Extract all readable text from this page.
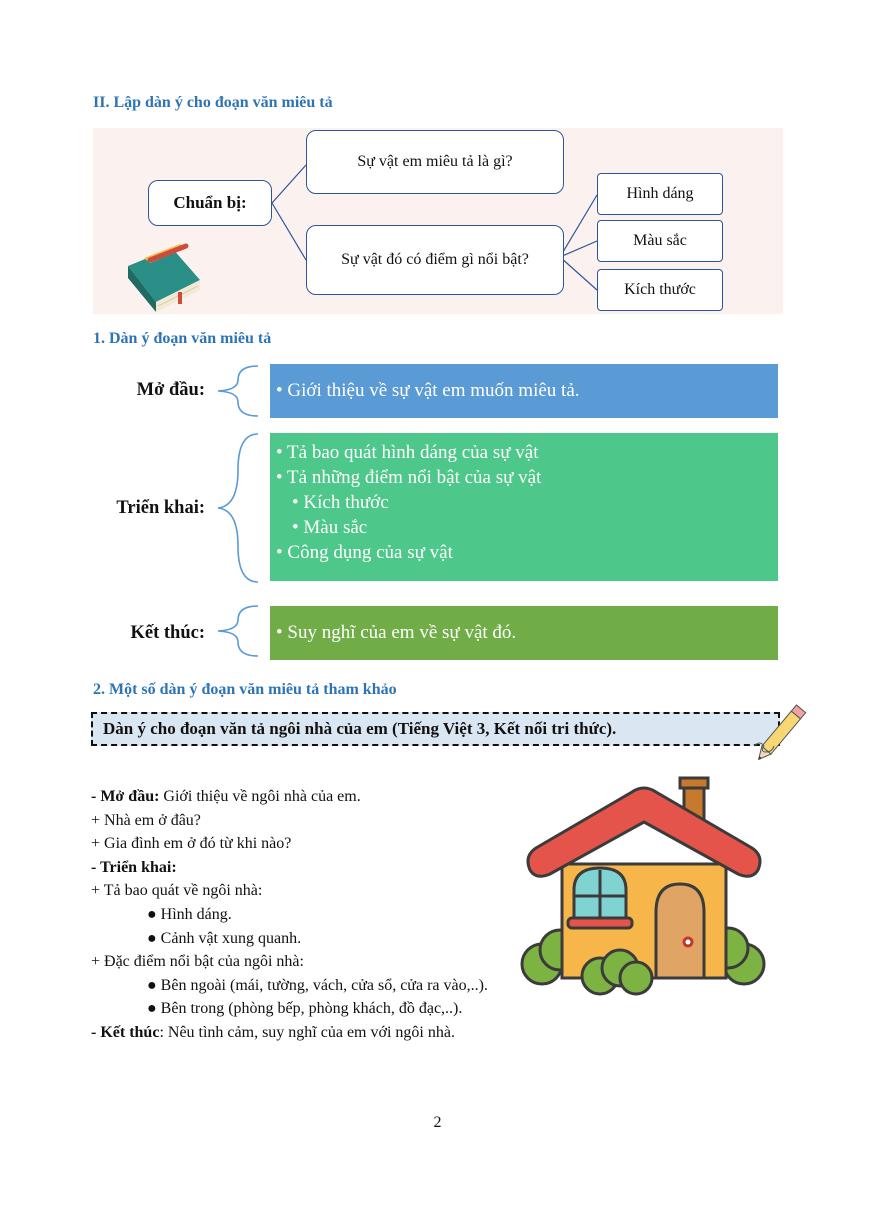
II. Lập dàn ý cho đoạn văn miêu tả
Chuẩn bị:
Sự vật em miêu tả là gì?
Sự vật đó có điểm gì nổi bật?
Hình dáng
Màu sắc
Kích thước
1. Dàn ý đoạn văn miêu tả
Mở đầu:	• Giới thiệu về sự vật em muốn miêu tả.
Triển khai:
• Tả bao quát hình dáng của sự vật
• Tả những điểm nổi bật của sự vật
• Kích thước
• Màu sắc
• Công dụng của sự vật
Kết thúc:	• Suy nghĩ của em về sự vật đó.
2. Một số dàn ý đoạn văn miêu tả tham khảo
Dàn ý cho đoạn văn tả ngôi nhà của em (Tiếng Việt 3, Kết nối tri thức).
- Mở đầu: Giới thiệu về ngôi nhà của em.
+ Nhà em ở đâu?
+ Gia đình em ở đó từ khi nào?
- Triển khai:
+ Tả bao quát về ngôi nhà:
● Hình dáng.
● Cảnh vật xung quanh.
+ Đặc điểm nổi bật của ngôi nhà:
● Bên ngoài (mái, tường, vách, cửa sổ, cửa ra vào,..).
● Bên trong (phòng bếp, phòng khách, đồ đạc,..).
- Kết thúc: Nêu tình cảm, suy nghĩ của em với ngôi nhà.
2
